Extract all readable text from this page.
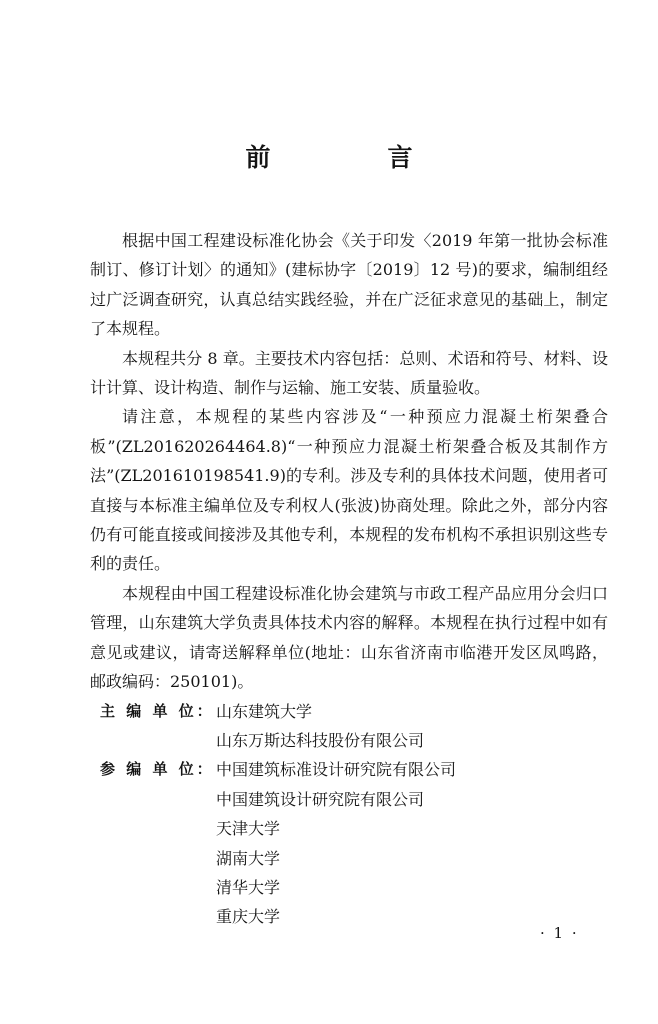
前　言

根据中国工程建设标准化协会《关于印发〈2019 年第一批协会标准制订、修订计划〉的通知》(建标协字〔2019〕12 号)的要求，编制组经过广泛调查研究，认真总结实践经验，并在广泛征求意见的基础上，制定了本规程。

本规程共分 8 章。主要技术内容包括：总则、术语和符号、材料、设计计算、设计构造、制作与运输、施工安装、质量验收。

请注意，本规程的某些内容涉及“一种预应力混凝土桁架叠合板”(ZL201620264464.8)“一种预应力混凝土桁架叠合板及其制作方法”(ZL201610198541.9)的专利。涉及专利的具体技术问题，使用者可直接与本标准主编单位及专利权人(张波)协商处理。除此之外，部分内容仍有可能直接或间接涉及其他专利，本规程的发布机构不承担识别这些专利的责任。

本规程由中国工程建设标准化协会建筑与市政工程产品应用分会归口管理，山东建筑大学负责具体技术内容的解释。本规程在执行过程中如有意见或建议，请寄送解释单位(地址：山东省济南市临港开发区凤鸣路，邮政编码：250101)。

主 编 单 位： 山东建筑大学
山东万斯达科技股份有限公司
参 编 单 位： 中国建筑标准设计研究院有限公司
中国建筑设计研究院有限公司
天津大学
湖南大学
清华大学
重庆大学
· 1 ·
